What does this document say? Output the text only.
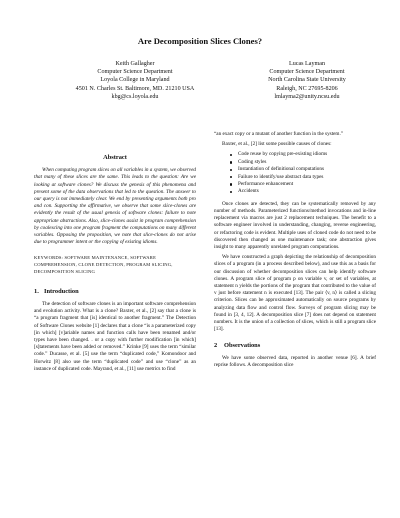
Are Decomposition Slices Clones?
Keith Gallagher
Computer Science Department
Loyola College in Maryland
4501 N. Charles St. Baltimore, MD. 21210 USA
kbg@cs.loyola.edu
Lucas Layman
Computer Science Department
North Carolina State University
Raleigh, NC 27695-8206
lmlayma2@unity.ncsu.edu
Abstract

When computing program slices on all variables in a system, we observed that many of these slices are the same. This leads to the question: Are we looking at software clones? We discuss the genesis of this phenomena and present some of the data observations that led to the question. The answer to our query is not immediately clear. We end by presenting arguments both pro and con. Supporting the affirmative, we observe that some slice-clones are evidently the result of the usual genesis of software clones: failure to note appropriate abstractions. Also, slice-clones assist in program comprehension by coalescing into one program fragment the computations on many different variables. Opposing the proposition, we note that slice-clones do not arise due to programmer intent or the copying of existing idioms.

KEYWORDS: SOFTWARE MAINTENANCE, SOFTWARE COMPREHENSION, CLONE DETECTION, PROGRAM SLICING, DECOMPOSITION SLICING

1. Introduction

The detection of software clones is an important software comprehension and evolution activity. What is a clone? Baxter, et al., [2] say that a clone is “a program fragment that [is] identical to another fragment.” The Detection of Software Clones website [1] declares that a clone “is a parameterized copy [in which] [v]ariable names and function calls have been renamed and/or types have been changed. . or a copy with further modification [in which] [s]tatements have been added or removed.” Krinke [9] uses the term “similar code.” Ducasse, et al. [5] use the term “duplicated code,” Komondoor and Horwitz [8] also use the term “duplicated code” and use “clone” as an instance of duplicated code. Mayrand, et al., [11] use metrics to find

“an exact copy or a mutant of another function in the system.”

Baxter, et al., [2] list some possible causes of clones:

Code reuse by copying pre-existing idioms
Coding styles
Instantiation of definitional computations
Failure to identify/use abstract data types
Performance enhancement
Accidents

Once clones are detected, they can be systematically removed by any number of methods. Parameterized functions/method invocations and in-line replacement via macros are just 2 replacement techniques. The benefit to a software engineer involved in understanding, changing, reverse engineering, or refactoring code is evident. Multiple uses of cloned code do not need to be discovered then changed as one maintenance task; one abstraction gives insight to many apparently unrelated program computations.

We have constructed a graph depicting the relationship of decomposition slices of a program (in a process described below), and use this as a basis for our discussion of whether decomposition slices can help identify software clones. A program slice of program p on variable v, or set of variables, at statement n yields the portions of the program that contributed to the value of v just before statement n is executed [13]. The pair ⟨v, n⟩ is called a slicing criterion. Slices can be approximated automatically on source programs by analyzing data flow and control flow. Surveys of program slicing may be found in [3, 4, 12]. A decomposition slice [7] does not depend on statement numbers. It is the union of a collection of slices, which is still a program slice [13].

2 Observations

We have some observed data, reported in another venue [6]. A brief reprise follows. A decomposition slice
